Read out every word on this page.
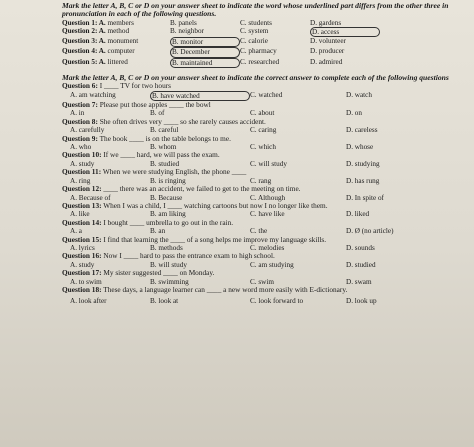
Mark the letter A, B, C or D on your answer sheet to indicate the word whose underlined part differs from the other three in pronunciation in each of the following questions.

Question 1: A. members	B. panels	C. students	D. gardens
Question 2: A. method	B. neighbor	C. system	D. access
Question 3: A. monument	B. monitor	C. calorie	D. volunteer
Question 4: A. computer	B. December	C. pharmacy	D. producer
Question 5: A. littered	B. maintained	C. researched	D. admired

Mark the letter A, B, C or D on your answer sheet to indicate the correct answer to complete each of the following questions

Question 6: I ____ TV for two hours
A. am watching	B. have watched	C. watched	D. watch
Question 7: Please put those apples ____ the bowl
A. in	B. of	C. about	D. on
Question 8: She often drives very ____ so she rarely causes accident.
A. carefully	B. careful	C. caring	D. careless
Question 9: The book ____ is on the table belongs to me.
A. who	B. whom	C. which	D. whose
Question 10: If we ____ hard, we will pass the exam.
A. study	B. studied	C. will study	D. studying
Question 11: When we were studying English, the phone ____
A. ring	B. is ringing	C. rang	D. has rung
Question 12: ____ there was an accident, we failed to get to the meeting on time.
A. Because of	B. Because	C. Although	D. In spite of
Question 13: When I was a child, I ____ watching cartoons but now I no longer like them.
A. like	B. am liking	C. have like	D. liked
Question 14: I bought ____ umbrella to go out in the rain.
A. a	B. an	C. the	D. Ø (no article)
Question 15: I find that learning the ____ of a song helps me improve my language skills.
A. lyrics	B. methods	C. melodies	D. sounds
Question 16: Now I ____ hard to pass the entrance exam to high school.
A. study	B. will study	C. am studying	D. studied
Question 17: My sister suggested ____ on Monday.
A. to swim	B. swimming	C. swim	D. swam
Question 18: These days, a language learner can ____ a new word more easily with E-dictionary.
A. look after	B. look at	C. look forward to	D. look up
